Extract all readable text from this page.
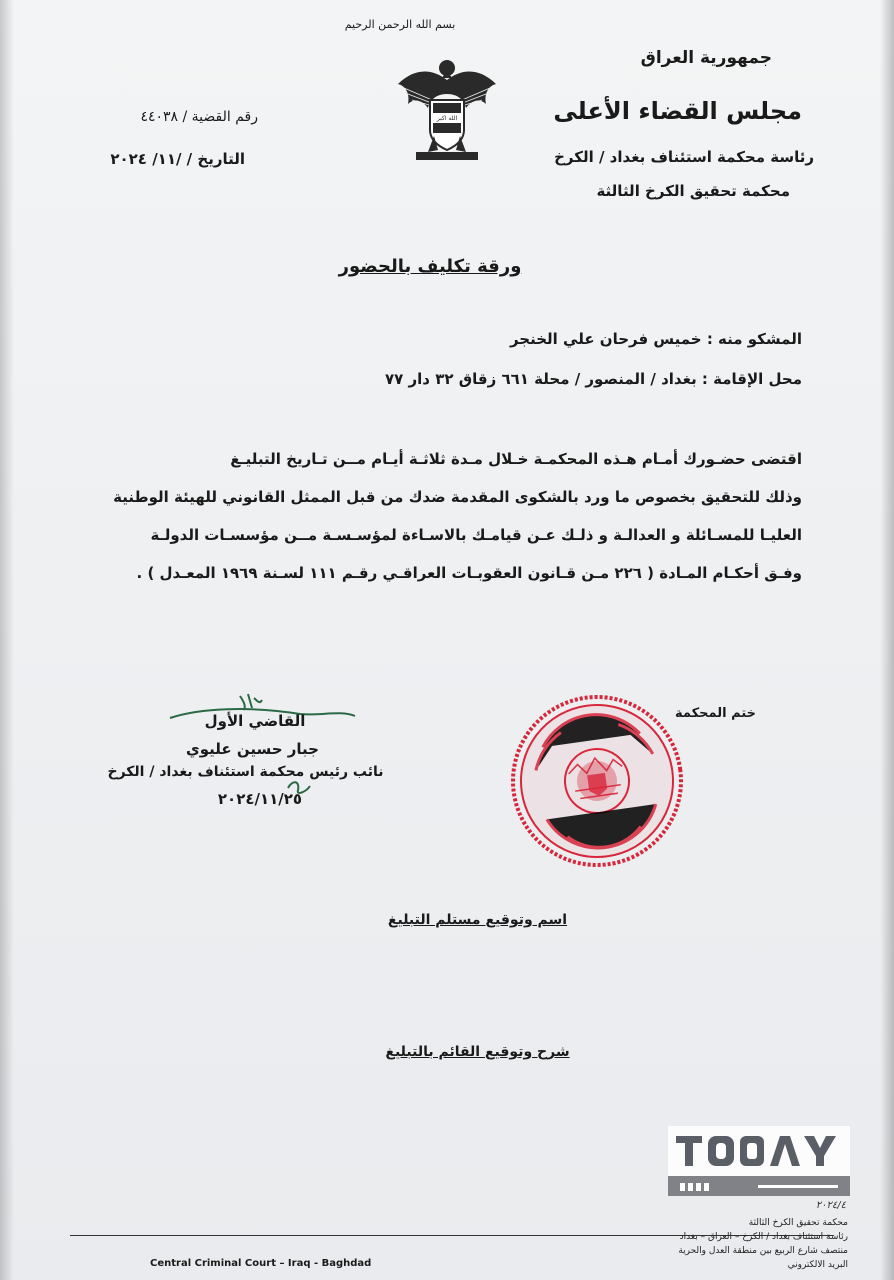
بسم الله الرحمن الرحيم
جمهورية العراق
مجلس القضاء الأعلى
رئاسة محكمة استئناف بغداد / الكرخ
محكمة تحقيق الكرخ الثالثة
رقم القضية / ٤٤٠٣٨
التاريخ / /١١/ ٢٠٢٤
الله اكبر
ورقة تكليف بالحضور
المشكو منه : خميس فرحان علي الخنجر
محل الإقامة : بغداد / المنصور / محلة ٦٦١ زقاق ٣٢ دار ٧٧
اقتضى حضـورك أمـام هـذه المحكمـة خـلال مـدة ثلاثـة أيـام مــن تـاريخ التبليـغ
وذلك للتحقيق بخصوص ما ورد بالشكوى المقدمة ضدك من قبل الممثل القانوني للهيئة الوطنية
العليـا للمسـائلة و العدالـة و ذلـك عـن قيامـك بالاسـاءة لمؤسـسـة مــن مؤسسـات الدولـة
وفـق أحكـام المـادة ( ٢٢٦ مـن قـانون العقوبـات العراقـي رقـم ١١١ لسـنة ١٩٦٩ المعـدل ) .
ختم المحكمة
القاضي الأول
جبار حسين عليوي
نائب رئيس محكمة استئناف بغداد / الكرخ
٢٠٢٤/١١/٢٥
اسم وتوقيع مستلم التبليغ
شرح وتوقيع القائم بالتبليغ
٢٠٢٤/٤
Central Criminal Court – Iraq - Baghdad
محكمة تحقيق الكرخ الثالثة
رئاسة استئناف بغداد / الكرخ – العراق – بغداد
منتصف شارع الربيع بين منطقة العدل والحرية
البريد الالكتروني
